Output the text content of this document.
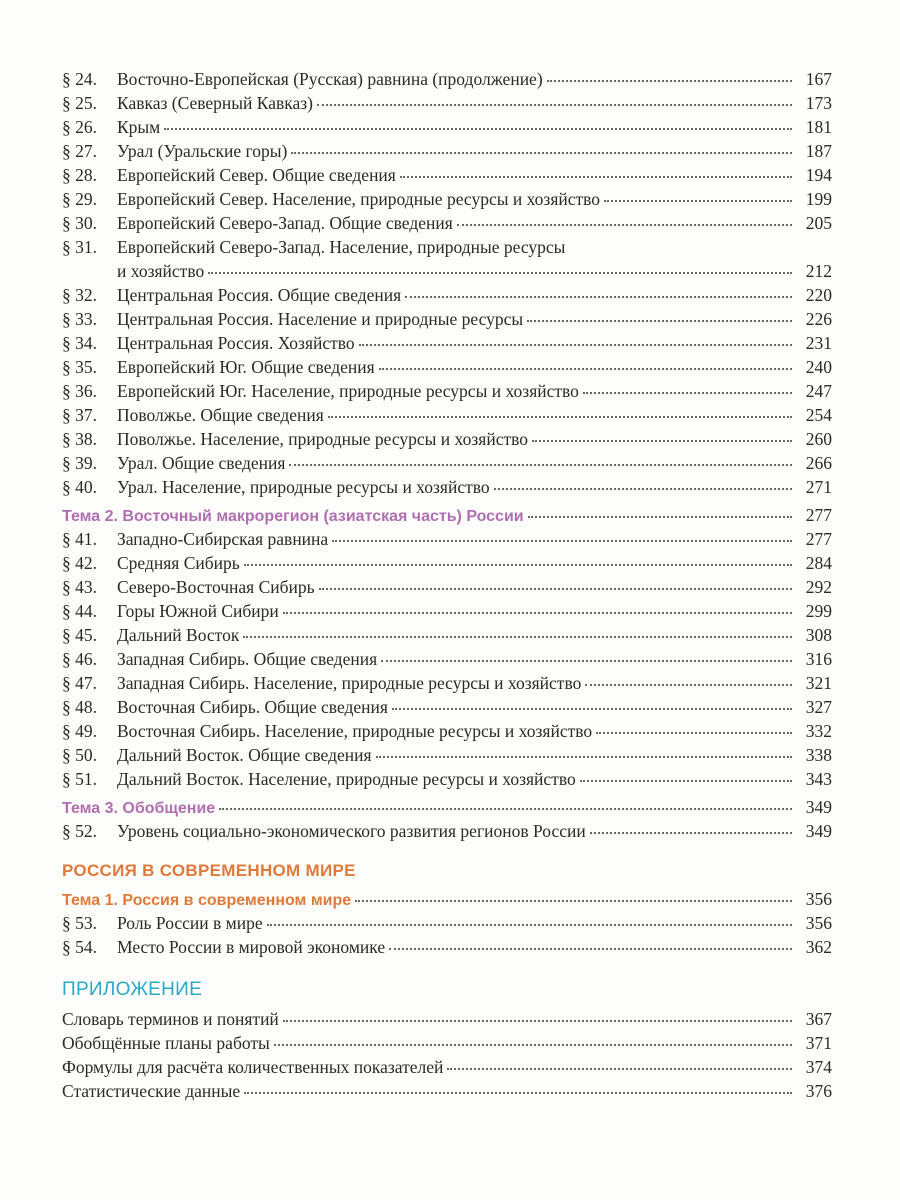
§ 24.	Восточно-Европейская (Русская) равнина (продолжение)	167
§ 25.	Кавказ (Северный Кавказ)	173
§ 26.	Крым	181
§ 27.	Урал (Уральские горы)	187
§ 28.	Европейский Север. Общие сведения	194
§ 29.	Европейский Север. Население, природные ресурсы и хозяйство	199
§ 30.	Европейский Северо-Запад. Общие сведения	205
§ 31.	Европейский Северо-Запад. Население, природные ресурсы
и хозяйство	212
§ 32.	Центральная Россия. Общие сведения	220
§ 33.	Центральная Россия. Население и природные ресурсы	226
§ 34.	Центральная Россия. Хозяйство	231
§ 35.	Европейский Юг. Общие сведения	240
§ 36.	Европейский Юг. Население, природные ресурсы и хозяйство	247
§ 37.	Поволжье. Общие сведения	254
§ 38.	Поволжье. Население, природные ресурсы и хозяйство	260
§ 39.	Урал. Общие сведения	266
§ 40.	Урал. Население, природные ресурсы и хозяйство	271
Тема 2. Восточный макрорегион (азиатская часть) России	277
§ 41.	Западно-Сибирская равнина	277
§ 42.	Средняя Сибирь	284
§ 43.	Северо-Восточная Сибирь	292
§ 44.	Горы Южной Сибири	299
§ 45.	Дальний Восток	308
§ 46.	Западная Сибирь. Общие сведения	316
§ 47.	Западная Сибирь. Население, природные ресурсы и хозяйство	321
§ 48.	Восточная Сибирь. Общие сведения	327
§ 49.	Восточная Сибирь. Население, природные ресурсы и хозяйство	332
§ 50.	Дальний Восток. Общие сведения	338
§ 51.	Дальний Восток. Население, природные ресурсы и хозяйство	343
Тема 3. Обобщение	349
§ 52.	Уровень социально-экономического развития регионов России	349
РОССИЯ В СОВРЕМЕННОМ МИРЕ
Тема 1. Россия в современном мире	356
§ 53.	Роль России в мире	356
§ 54.	Место России в мировой экономике	362
ПРИЛОЖЕНИЕ
Словарь терминов и понятий	367
Обобщённые планы работы	371
Формулы для расчёта количественных показателей	374
Статистические данные	376
